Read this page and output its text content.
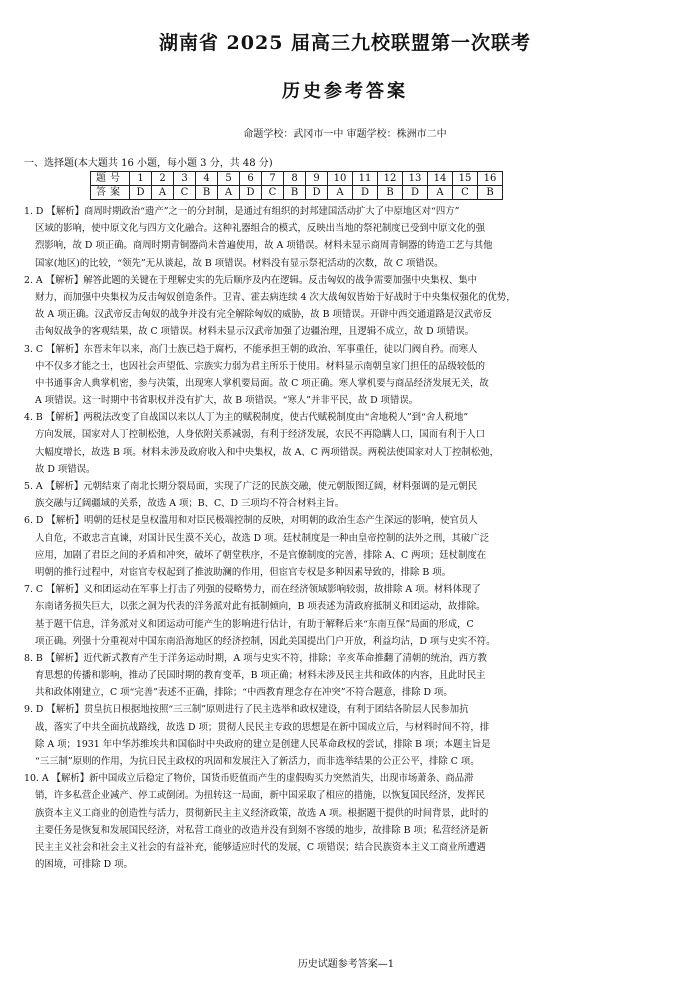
湖南省 2025 届高三九校联盟第一次联考
历史参考答案
命题学校：武冈市一中 审题学校：株洲市二中
一、选择题(本大题共 16 小题，每小题 3 分，共 48 分)
题号	1	2	3	4	5	6	7	8	9	10	11	12	13	14	15	16
答案	D	A	C	B	A	D	C	B	D	A	D	B	D	A	C	B
1. D 【解析】商周时期政治“遗产”之一的分封制，是通过有组织的封邦建国活动扩大了中原地区对“四方”
区域的影响，使中原文化与四方文化融合。这种礼器组合的模式，反映出当地的祭祀制度已受到中原文化的强
烈影响，故 D 项正确。商周时期青铜器尚未普遍使用，故 A 项错误。材料未显示商周青铜器的铸造工艺与其他
国家(地区)的比较，“领先”无从谈起，故 B 项错误。材料没有显示祭祀活动的次数，故 C 项错误。
2. A 【解析】解答此题的关键在于理解史实的先后顺序及内在逻辑。反击匈奴的战争需要加强中央集权、集中
财力，而加强中央集权为反击匈奴创造条件。卫青、霍去病连续 4 次大战匈奴皆始于好战时于中央集权强化的优势，
故 A 项正确。汉武帝反击匈奴的战争并没有完全解除匈奴的威胁，故 B 项错误。开辟中西交通道路是汉武帝反
击匈奴战争的客观结果，故 C 项错误。材料未显示汉武帝加强了边疆治理，且逻辑不成立，故 D 项错误。
3. C 【解析】东晋末年以来，高门士族已趋于腐朽，不能承担王朝的政治、军事重任，徒以门阀自矜。而寒人
中不仅多才能之士，也因社会声望低、宗族实力弱为君主所乐于使用。材料显示南朝皇家门担任的品级较低的
中书通事舍人典掌机密，参与决策，出现寒人掌机要局面。故 C 项正确。寒人掌机要与商品经济发展无关，故
A 项错误。这一时期中书省职权并没有扩大，故 B 项错误。“寒人”并非平民，故 D 项错误。
4. B 【解析】两税法改变了自战国以来以人丁为主的赋税制度，使古代赋税制度由“舍地税人”到“舍人税地”
方向发展，国家对人丁控制松弛，人身依附关系减弱，有利于经济发展，农民不再隐瞒人口，国而有利于人口
大幅度增长，故选 B 项。材料未涉及政府收入和中央集权，故 A、C 两项错误。两税法使国家对人丁控制松弛，
故 D 项错误。
5. A 【解析】元朝结束了南北长期分裂局面，实现了广泛的民族交融，使元朝版图辽阔，材料强调的是元朝民
族交融与辽阔疆域的关系，故选 A 项；B、C、D 三项均不符合材料主旨。
6. D 【解析】明朝的廷杖是皇权滥用和对臣民极端控制的反映，对明朝的政治生态产生深远的影响，使官员人
人自危，不敢忠言直谏，对国计民生漠不关心，故选 D 项。廷杖制度是一种由皇帝控制的法外之刑，其破广泛
应用，加剧了君臣之间的矛盾和冲突，破坏了朝堂秩序，不是官僚制度的完善，排除 A、C 两项；廷杖制度在
明朝的推行过程中，对宦官专权起到了推波助澜的作用，但宦官专权是多种因素导致的，排除 B 项。
7. C 【解析】义和团运动在军事上打击了列强的侵略势力，而在经济领域影响较弱，故排除 A 项。材料体现了
东南诸务损失巨大，以张之洞为代表的洋务派对此有抵制倾向，B 项表述为清政府抵制义和团运动，故排除。
基于题干信息，洋务派对义和团运动可能产生的影响进行估计，有助于解释后来“东南互保”局面的形成，C
项正确。列强十分重视对中国东南沿海地区的经济控制，因此美国提出门户开放，利益均沾，D 项与史实不符。
8. B 【解析】近代新式教育产生于洋务运动时期，A 项与史实不符，排除；辛亥革命推翻了清朝的统治，西方教
育思想的传播和影响，推动了民国时期的教育变革，B 项正确；材料未涉及民主共和政体的内容，且此时民主
共和政体刚建立，C 项“完善”表述不正确，排除；“中西教育理念存在冲突”不符合题意，排除 D 项。
9. D 【解析】贯皇抗日根据地按照“三三制”原则进行了民主选举和政权建设，有利于团结各阶层人民参加抗
战，落实了中共全面抗战路线，故选 D 项；贯彻人民民主专政的思想是在新中国成立后，与材料时间不符，排
除 A 项；1931 年中华苏维埃共和国临时中央政府的建立是创建人民革命政权的尝试，排除 B 项；本题主旨是
“三三制”原则的作用，为抗日民主政权的巩固和发展注入了新活力，而非选举结果的公正公平，排除 C 项。
10. A 【解析】新中国成立后稳定了物价，国货币贬值而产生的虚假购买力突然消失，出现市场萧条、商品滞
销，许多私营企业减产、停工或倒闭。为扭转这一局面，新中国采取了相应的措施，以恢复国民经济，发挥民
族资本主义工商业的创造性与活力，贯彻新民主主义经济政策，故选 A 项。根据题干提供的时间背景，此时的
主要任务是恢复和发展国民经济，对私营工商业的改造并没有到刻不容缓的地步，故排除 B 项；私营经济是新
民主主义社会和社会主义社会的有益补充，能够适应时代的发展，C 项错误；结合民族资本主义工商业所遭遇
的困境，可排除 D 项。
历史试题参考答案—1
